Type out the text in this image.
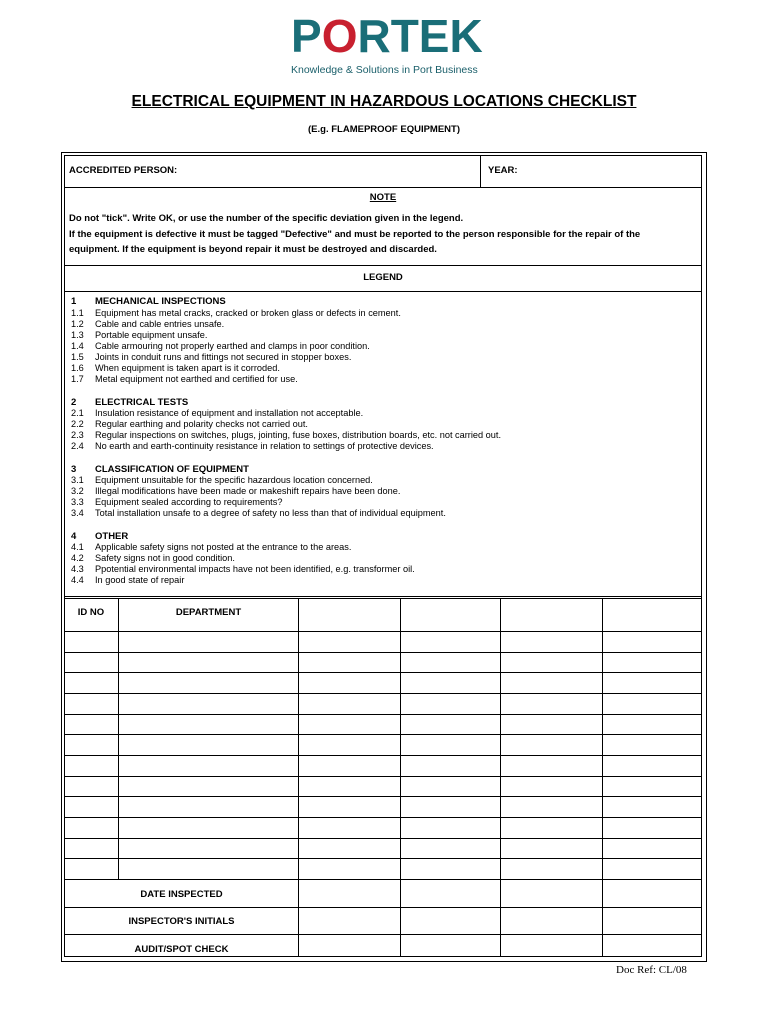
PORTEK
Knowledge & Solutions in Port Business
ELECTRICAL EQUIPMENT IN HAZARDOUS LOCATIONS CHECKLIST
(E.g. FLAMEPROOF EQUIPMENT)
ACCREDITED PERSON:	YEAR:
NOTE
Do not "tick". Write OK, or use the number of the specific deviation given in the legend.
If the equipment is defective it must be tagged "Defective" and must be reported to the person responsible for the repair of the
equipment. If the equipment is beyond repair it must be destroyed and discarded.
LEGEND
1 MECHANICAL INSPECTIONS
1.1 Equipment has metal cracks, cracked or broken glass or defects in cement.
1.2 Cable and cable entries unsafe.
1.3 Portable equipment unsafe.
1.4 Cable armouring not properly earthed and clamps in poor condition.
1.5 Joints in conduit runs and fittings not secured in stopper boxes.
1.6 When equipment is taken apart is it corroded.
1.7 Metal equipment not earthed and certified for use.
2 ELECTRICAL TESTS
2.1 Insulation resistance of equipment and installation not acceptable.
2.2 Regular earthing and polarity checks not carried out.
2.3 Regular inspections on switches, plugs, jointing, fuse boxes, distribution boards, etc. not carried out.
2.4 No earth and earth-continuity resistance in relation to settings of protective devices.
3 CLASSIFICATION OF EQUIPMENT
3.1 Equipment unsuitable for the specific hazardous location concerned.
3.2 Illegal modifications have been made or makeshift repairs have been done.
3.3 Equipment sealed according to requirements?
3.4 Total installation unsafe to a degree of safety no less than that of individual equipment.
4 OTHER
4.1 Applicable safety signs not posted at the entrance to the areas.
4.2 Safety signs not in good condition.
4.3 Ppotential environmental impacts have not been identified, e.g. transformer oil.
4.4 In good state of repair
ID NO	DEPARTMENT
DATE INSPECTED
INSPECTOR'S INITIALS
AUDIT/SPOT CHECK
Doc Ref: CL/08
